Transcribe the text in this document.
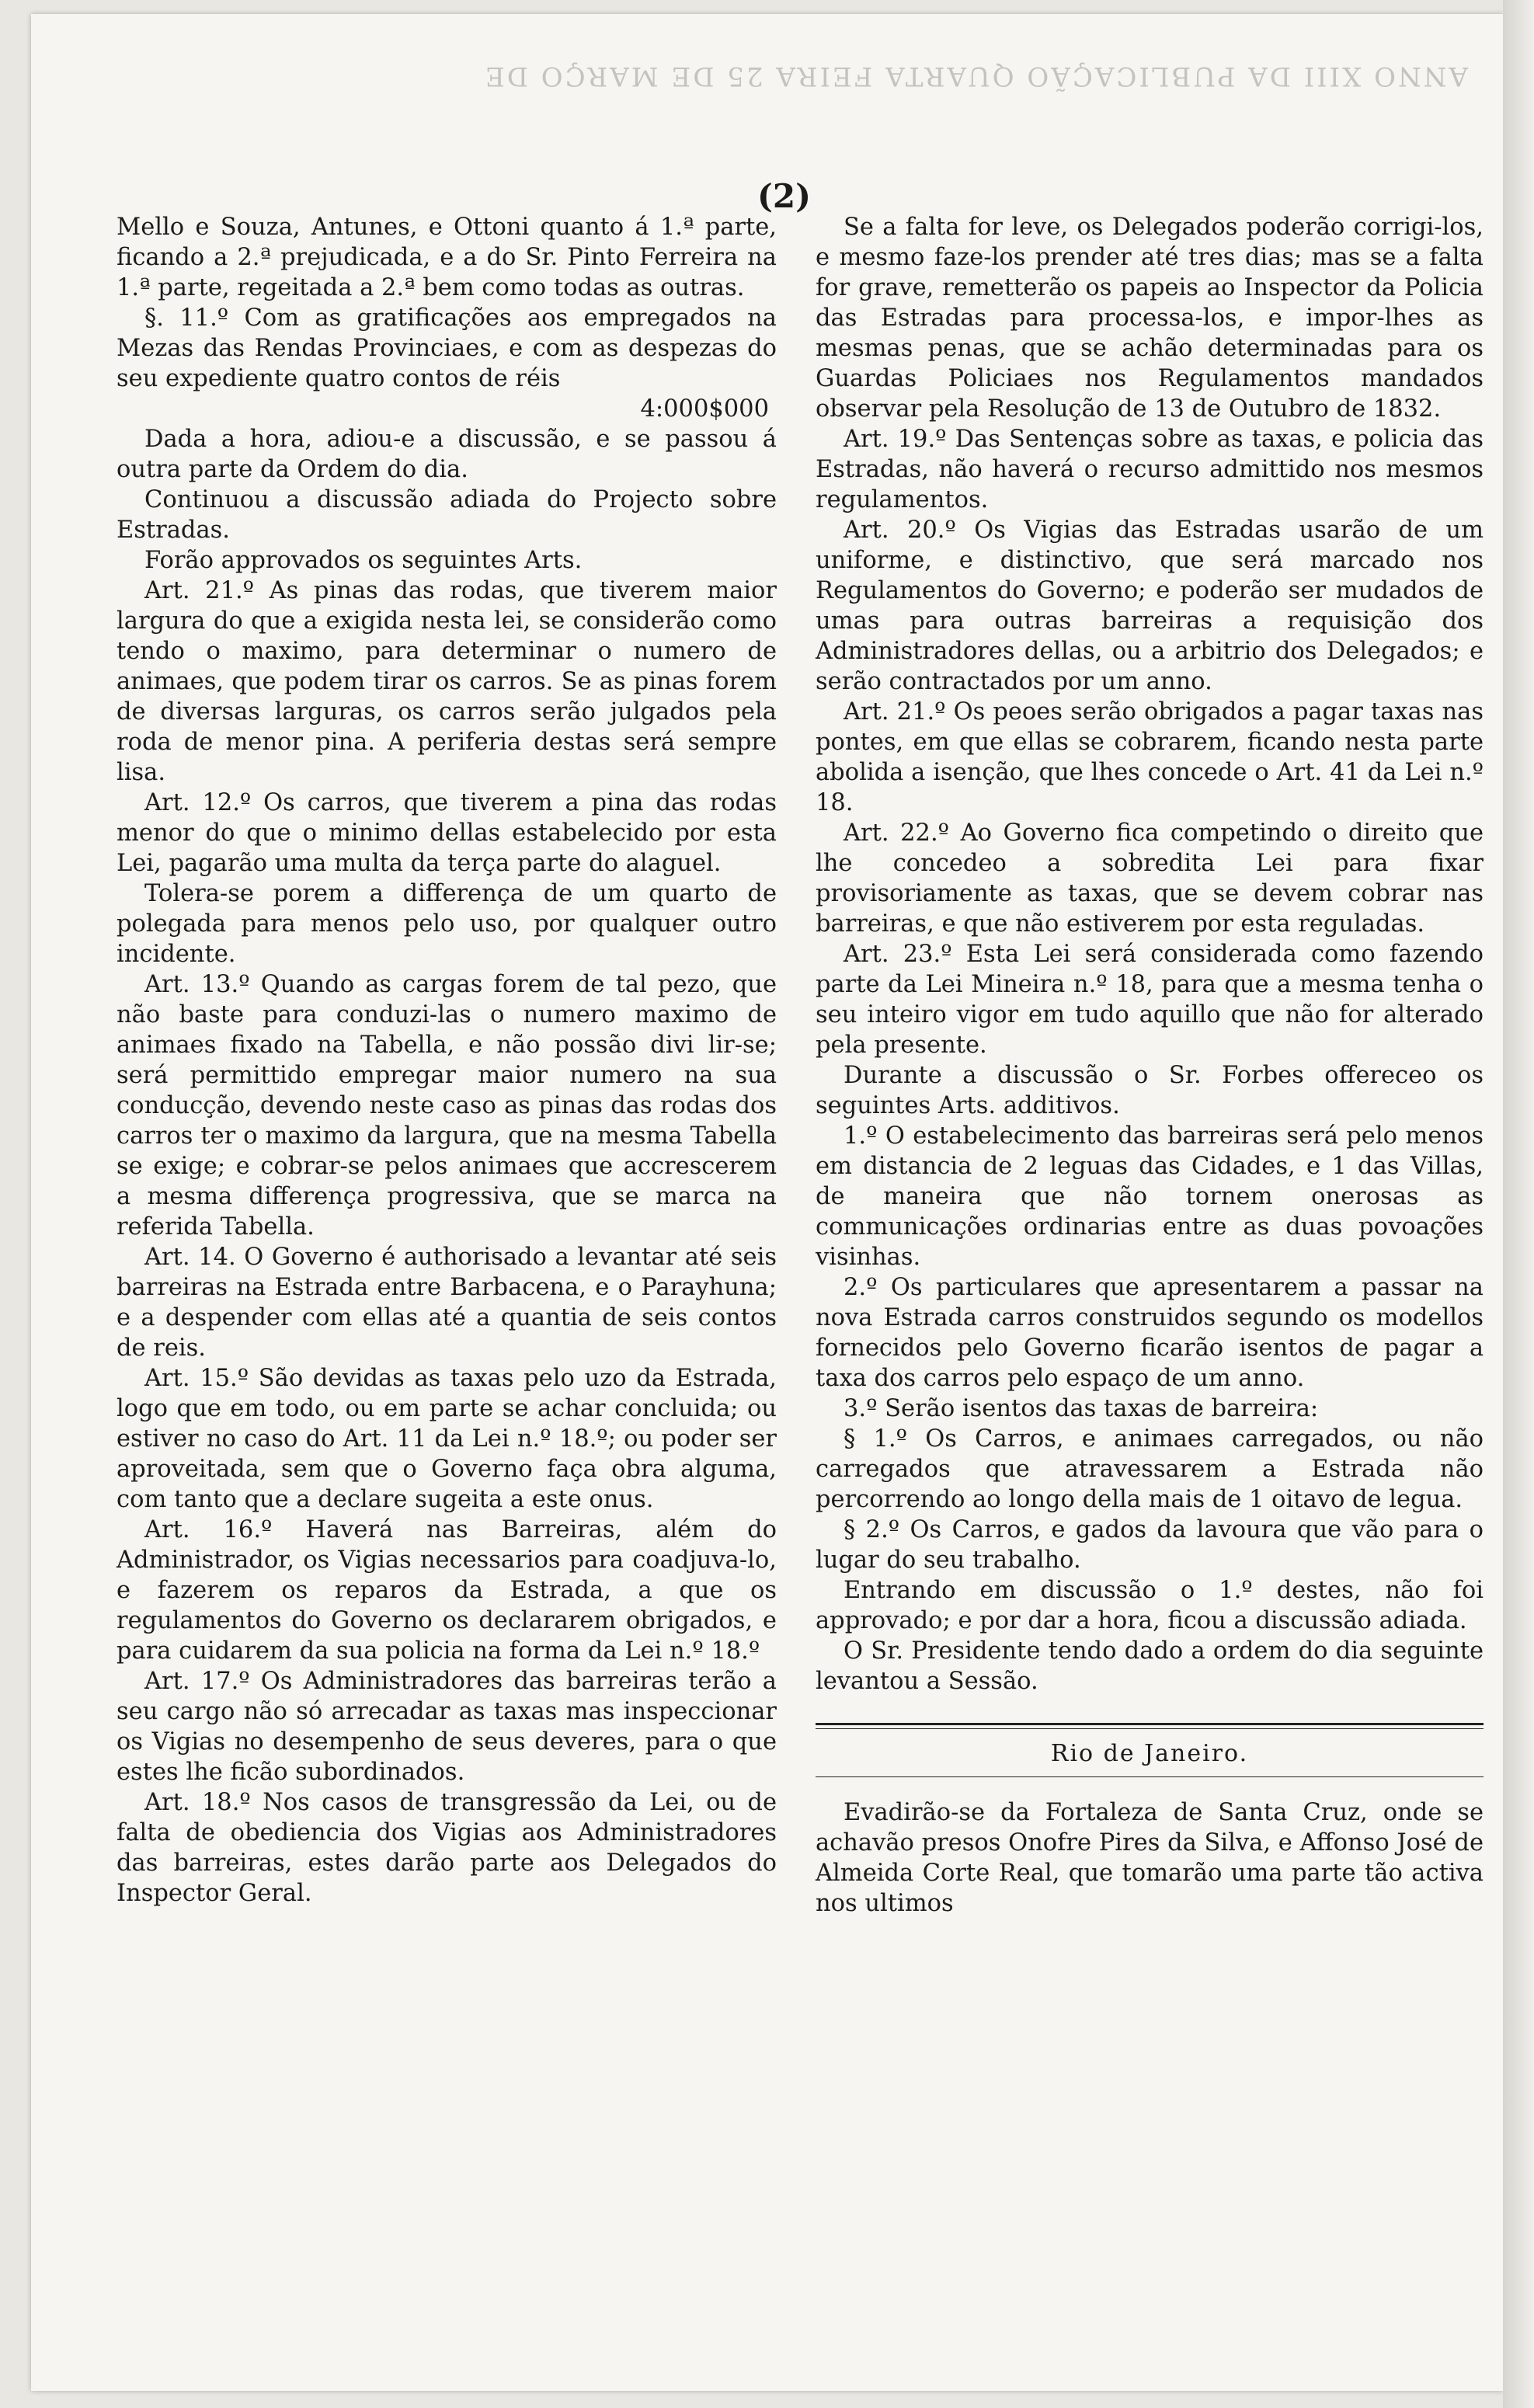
ANNO XIII DA PUBLICAÇÃO QUARTA FEIRA 25 DE MARÇO DE
(2)

Mello e Souza, Antunes, e Ottoni quanto á 1.ª parte, ficando a 2.ª prejudicada, e a do Sr. Pinto Ferreira na 1.ª parte, regeitada a 2.ª bem como todas as outras.

§. 11.º Com as gratificações aos empregados na Mezas das Rendas Provinciaes, e com as despezas do seu expediente quatro contos de réis

4:000$000

Dada a hora, adiou-e a discussão, e se passou á outra parte da Ordem do dia.

Continuou a discussão adiada do Projecto sobre Estradas.

Forão approvados os seguintes Arts.

Art. 21.º As pinas das rodas, que tiverem maior largura do que a exigida nesta lei, se considerão como tendo o maximo, para determinar o numero de animaes, que podem tirar os carros. Se as pinas forem de diversas larguras, os carros serão julgados pela roda de menor pina. A periferia destas será sempre lisa.

Art. 12.º Os carros, que tiverem a pina das rodas menor do que o minimo dellas estabelecido por esta Lei, pagarão uma multa da terça parte do alaguel.

Tolera-se porem a differença de um quarto de polegada para menos pelo uso, por qualquer outro incidente.

Art. 13.º Quando as cargas forem de tal pezo, que não baste para conduzi-las o numero maximo de animaes fixado na Tabella, e não possão divi lir-se; será permittido empregar maior numero na sua conducção, devendo neste caso as pinas das rodas dos carros ter o maximo da largura, que na mesma Tabella se exige; e cobrar-se pelos animaes que accrescerem a mesma differença progressiva, que se marca na referida Tabella.

Art. 14. O Governo é authorisado a levantar até seis barreiras na Estrada entre Barbacena, e o Parayhuna; e a despender com ellas até a quantia de seis contos de reis.

Art. 15.º São devidas as taxas pelo uzo da Estrada, logo que em todo, ou em parte se achar concluida; ou estiver no caso do Art. 11 da Lei n.º 18.º; ou poder ser aproveitada, sem que o Governo faça obra alguma, com tanto que a declare sugeita a este onus.

Art. 16.º Haverá nas Barreiras, além do Administrador, os Vigias necessarios para coadjuva-lo, e fazerem os reparos da Estrada, a que os regulamentos do Governo os declararem obrigados, e para cuidarem da sua policia na forma da Lei n.º 18.º

Art. 17.º Os Administradores das barreiras terão a seu cargo não só arrecadar as taxas mas inspeccionar os Vigias no desempenho de seus deveres, para o que estes lhe ficão subordinados.

Art. 18.º Nos casos de transgressão da Lei, ou de falta de obediencia dos Vigias aos Administradores das barreiras, estes darão parte aos Delegados do Inspector Geral.

Se a falta for leve, os Delegados poderão corrigi-los, e mesmo faze-los prender até tres dias; mas se a falta for grave, remetterão os papeis ao Inspector da Policia das Estradas para processa-los, e impor-lhes as mesmas penas, que se achão determinadas para os Guardas Policiaes nos Regulamentos mandados observar pela Resolução de 13 de Outubro de 1832.

Art. 19.º Das Sentenças sobre as taxas, e policia das Estradas, não haverá o recurso admittido nos mesmos regulamentos.

Art. 20.º Os Vigias das Estradas usarão de um uniforme, e distinctivo, que será marcado nos Regulamentos do Governo; e poderão ser mudados de umas para outras barreiras a requisição dos Administradores dellas, ou a arbitrio dos Delegados; e serão contractados por um anno.

Art. 21.º Os peoes serão obrigados a pagar taxas nas pontes, em que ellas se cobrarem, ficando nesta parte abolida a isenção, que lhes concede o Art. 41 da Lei n.º 18.

Art. 22.º Ao Governo fica competindo o direito que lhe concedeo a sobredita Lei para fixar provisoriamente as taxas, que se devem cobrar nas barreiras, e que não estiverem por esta reguladas.

Art. 23.º Esta Lei será considerada como fazendo parte da Lei Mineira n.º 18, para que a mesma tenha o seu inteiro vigor em tudo aquillo que não for alterado pela presente.

Durante a discussão o Sr. Forbes offereceo os seguintes Arts. additivos.

1.º O estabelecimento das barreiras será pelo menos em distancia de 2 leguas das Cidades, e 1 das Villas, de maneira que não tornem onerosas as communicações ordinarias entre as duas povoações visinhas.

2.º Os particulares que apresentarem a passar na nova Estrada carros construidos segundo os modellos fornecidos pelo Governo ficarão isentos de pagar a taxa dos carros pelo espaço de um anno.

3.º Serão isentos das taxas de barreira:

§ 1.º Os Carros, e animaes carregados, ou não carregados que atravessarem a Estrada não percorrendo ao longo della mais de 1 oitavo de legua.

§ 2.º Os Carros, e gados da lavoura que vão para o lugar do seu trabalho.

Entrando em discussão o 1.º destes, não foi approvado; e por dar a hora, ficou a discussão adiada.

O Sr. Presidente tendo dado a ordem do dia seguinte levantou a Sessão.

Rio de Janeiro.

Evadirão-se da Fortaleza de Santa Cruz, onde se achavão presos Onofre Pires da Silva, e Affonso José de Almeida Corte Real, que tomarão uma parte tão activa nos ultimos
